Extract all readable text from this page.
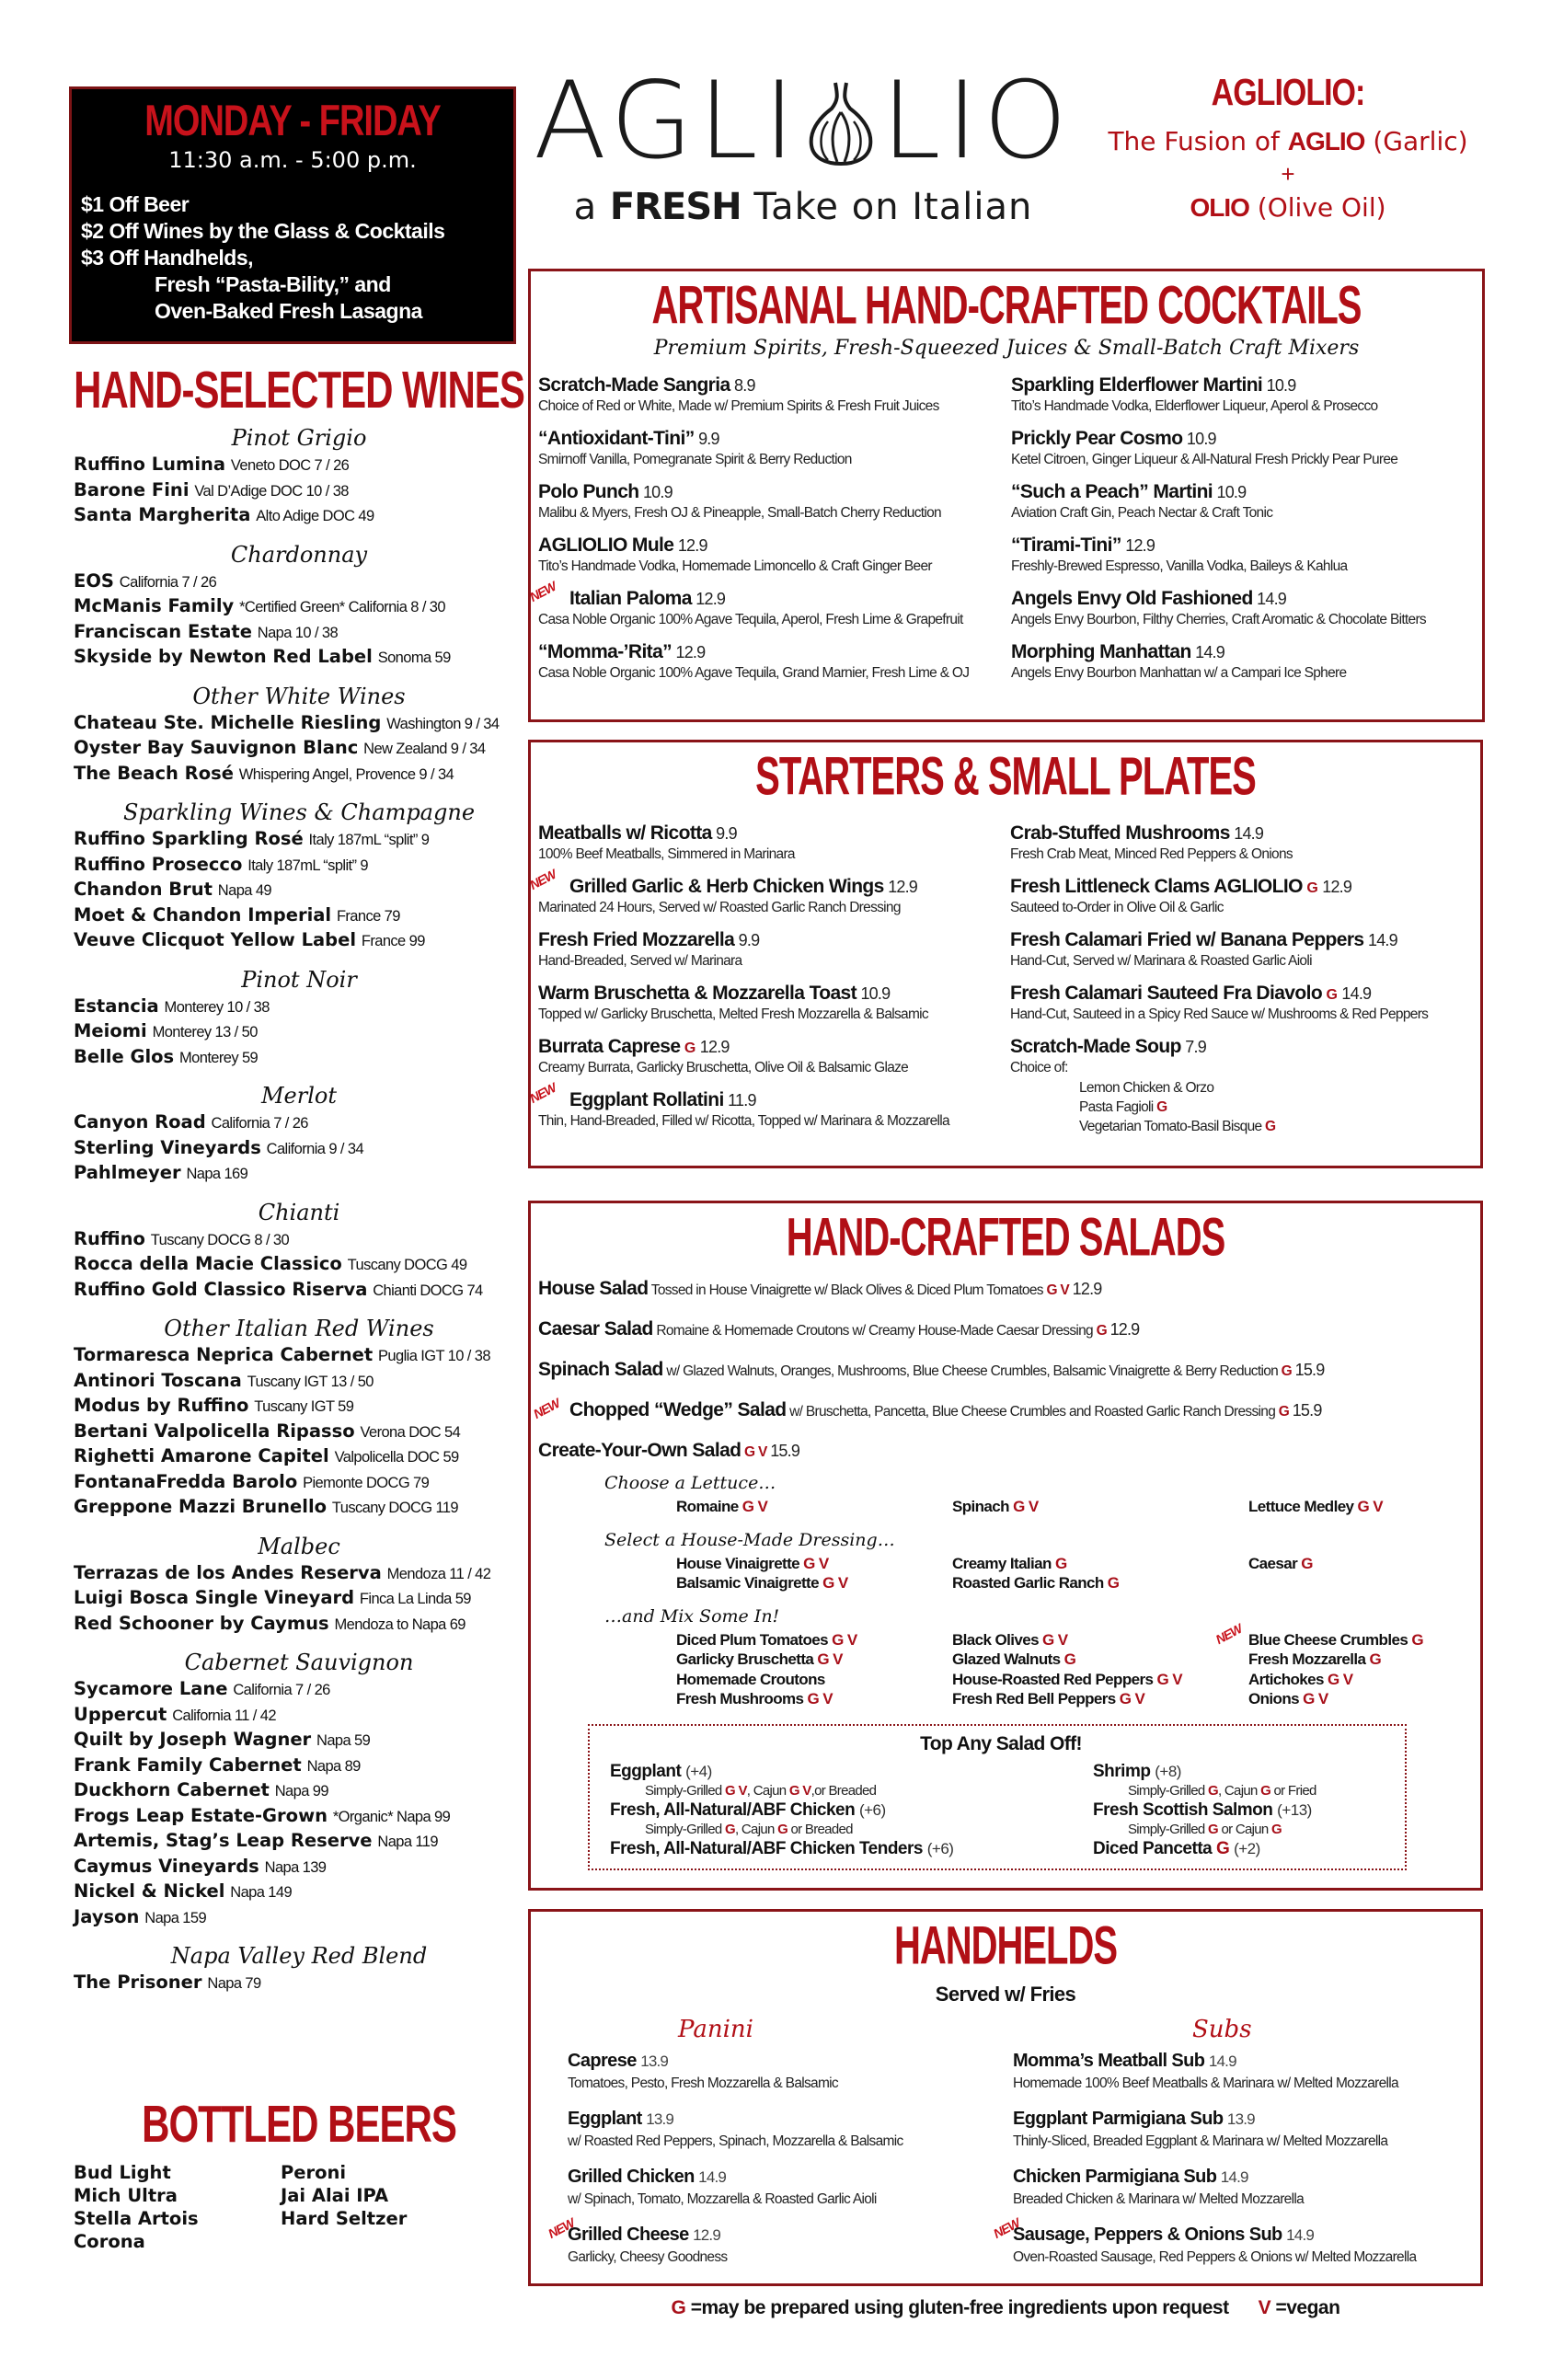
MONDAY - FRIDAY
11:30 a.m. - 5:00 p.m.
$1 Off Beer
$2 Off Wines by the Glass & Cocktails
$3 Off Handhelds,
Fresh “Pasta-Bility,” and
Oven-Baked Fresh Lasagna
AGLI LIO
a FRESH Take on Italian
AGLIOLIO:
The Fusion of AGLIO (Garlic)
+
OLIO (Olive Oil)
HAND-SELECTED WINES
Pinot Grigio
Ruffino Lumina Veneto DOC 7 / 26
Barone Fini Val D’Adige DOC 10 / 38
Santa Margherita Alto Adige DOC 49
Chardonnay
EOS California 7 / 26
McManis Family *Certified Green* California 8 / 30
Franciscan Estate Napa 10 / 38
Skyside by Newton Red Label Sonoma 59
Other White Wines
Chateau Ste. Michelle Riesling Washington 9 / 34
Oyster Bay Sauvignon Blanc New Zealand 9 / 34
The Beach Rosé Whispering Angel, Provence 9 / 34
Sparkling Wines & Champagne
Ruffino Sparkling Rosé Italy 187mL “split” 9
Ruffino Prosecco Italy 187mL “split” 9
Chandon Brut Napa 49
Moet & Chandon Imperial France 79
Veuve Clicquot Yellow Label France 99
Pinot Noir
Estancia Monterey 10 / 38
Meiomi Monterey 13 / 50
Belle Glos Monterey 59
Merlot
Canyon Road California 7 / 26
Sterling Vineyards California 9 / 34
Pahlmeyer Napa 169
Chianti
Ruffino Tuscany DOCG 8 / 30
Rocca della Macie Classico Tuscany DOCG 49
Ruffino Gold Classico Riserva Chianti DOCG 74
Other Italian Red Wines
Tormaresca Neprica Cabernet Puglia IGT 10 / 38
Antinori Toscana Tuscany IGT 13 / 50
Modus by Ruffino Tuscany IGT 59
Bertani Valpolicella Ripasso Verona DOC 54
Righetti Amarone Capitel Valpolicella DOC 59
FontanaFredda Barolo Piemonte DOCG 79
Greppone Mazzi Brunello Tuscany DOCG 119
Malbec
Terrazas de los Andes Reserva Mendoza 11 / 42
Luigi Bosca Single Vineyard Finca La Linda 59
Red Schooner by Caymus Mendoza to Napa 69
Cabernet Sauvignon
Sycamore Lane California 7 / 26
Uppercut California 11 / 42
Quilt by Joseph Wagner Napa 59
Frank Family Cabernet Napa 89
Duckhorn Cabernet Napa 99
Frogs Leap Estate-Grown *Organic* Napa 99
Artemis, Stag’s Leap Reserve Napa 119
Caymus Vineyards Napa 139
Nickel & Nickel Napa 149
Jayson Napa 159
Napa Valley Red Blend
The Prisoner Napa 79
BOTTLED BEERS
Bud Light
Mich Ultra
Stella Artois
Corona
Peroni
Jai Alai IPA
Hard Seltzer
ARTISANAL HAND-CRAFTED COCKTAILS
Premium Spirits, Fresh-Squeezed Juices & Small-Batch Craft Mixers
Scratch-Made Sangria 8.9
Choice of Red or White, Made w/ Premium Spirits & Fresh Fruit Juices
“Antioxidant-Tini” 9.9
Smirnoff Vanilla, Pomegranate Spirit & Berry Reduction
Polo Punch 10.9
Malibu & Myers, Fresh OJ & Pineapple, Small-Batch Cherry Reduction
AGLIOLIO Mule 12.9
Tito’s Handmade Vodka, Homemade Limoncello & Craft Ginger Beer
NEW Italian Paloma 12.9
Casa Noble Organic 100% Agave Tequila, Aperol, Fresh Lime & Grapefruit
“Momma-’Rita” 12.9
Casa Noble Organic 100% Agave Tequila, Grand Marnier, Fresh Lime & OJ
Sparkling Elderflower Martini 10.9
Tito’s Handmade Vodka, Elderflower Liqueur, Aperol & Prosecco
Prickly Pear Cosmo 10.9
Ketel Citroen, Ginger Liqueur & All-Natural Fresh Prickly Pear Puree
“Such a Peach” Martini 10.9
Aviation Craft Gin, Peach Nectar & Craft Tonic
“Tirami-Tini” 12.9
Freshly-Brewed Espresso, Vanilla Vodka, Baileys & Kahlua
Angels Envy Old Fashioned 14.9
Angels Envy Bourbon, Filthy Cherries, Craft Aromatic & Chocolate Bitters
Morphing Manhattan 14.9
Angels Envy Bourbon Manhattan w/ a Campari Ice Sphere
STARTERS & SMALL PLATES
Meatballs w/ Ricotta 9.9
100% Beef Meatballs, Simmered in Marinara
NEW Grilled Garlic & Herb Chicken Wings 12.9
Marinated 24 Hours, Served w/ Roasted Garlic Ranch Dressing
Fresh Fried Mozzarella 9.9
Hand-Breaded, Served w/ Marinara
Warm Bruschetta & Mozzarella Toast 10.9
Topped w/ Garlicky Bruschetta, Melted Fresh Mozzarella & Balsamic
Burrata Caprese G 12.9
Creamy Burrata, Garlicky Bruschetta, Olive Oil & Balsamic Glaze
NEW Eggplant Rollatini 11.9
Thin, Hand-Breaded, Filled w/ Ricotta, Topped w/ Marinara & Mozzarella
Crab-Stuffed Mushrooms 14.9
Fresh Crab Meat, Minced Red Peppers & Onions
Fresh Littleneck Clams AGLIOLIO G 12.9
Sauteed to-Order in Olive Oil & Garlic
Fresh Calamari Fried w/ Banana Peppers 14.9
Hand-Cut, Served w/ Marinara & Roasted Garlic Aioli
Fresh Calamari Sauteed Fra Diavolo G 14.9
Hand-Cut, Sauteed in a Spicy Red Sauce w/ Mushrooms & Red Peppers
Scratch-Made Soup 7.9
Choice of:
Lemon Chicken & Orzo
Pasta Fagioli G
Vegetarian Tomato-Basil Bisque G
HAND-CRAFTED SALADS
House Salad Tossed in House Vinaigrette w/ Black Olives & Diced Plum Tomatoes G V 12.9
Caesar Salad Romaine & Homemade Croutons w/ Creamy House-Made Caesar Dressing G 12.9
Spinach Salad w/ Glazed Walnuts, Oranges, Mushrooms, Blue Cheese Crumbles, Balsamic Vinaigrette & Berry Reduction G 15.9
NEW Chopped “Wedge” Salad w/ Bruschetta, Pancetta, Blue Cheese Crumbles and Roasted Garlic Ranch Dressing G 15.9
Create-Your-Own Salad G V 15.9
Choose a Lettuce…
Romaine G V	Spinach G V	Lettuce Medley G V
Select a House-Made Dressing…
House Vinaigrette G V	Creamy Italian G	Caesar G
Balsamic Vinaigrette G V	Roasted Garlic Ranch G
…and Mix Some In!
Diced Plum Tomatoes G V	Black Olives G V	NEW Blue Cheese Crumbles G
Garlicky Bruschetta G V	Glazed Walnuts G	Fresh Mozzarella G
Homemade Croutons	House-Roasted Red Peppers G V	Artichokes G V
Fresh Mushrooms G V	Fresh Red Bell Peppers G V	Onions G V
Top Any Salad Off!
Eggplant (+4)
Simply-Grilled G V, Cajun G V,or Breaded
Fresh, All-Natural/ABF Chicken (+6)
Simply-Grilled G, Cajun G or Breaded
Fresh, All-Natural/ABF Chicken Tenders (+6)
Shrimp (+8)
Simply-Grilled G, Cajun G or Fried
Fresh Scottish Salmon (+13)
Simply-Grilled G or Cajun G
Diced Pancetta G (+2)
HANDHELDS
Served w/ Fries
Panini
Caprese 13.9
Tomatoes, Pesto, Fresh Mozzarella & Balsamic
Eggplant 13.9
w/ Roasted Red Peppers, Spinach, Mozzarella & Balsamic
Grilled Chicken 14.9
w/ Spinach, Tomato, Mozzarella & Roasted Garlic Aioli
NEW
Grilled Cheese 12.9
Garlicky, Cheesy Goodness
Subs
Momma’s Meatball Sub 14.9
Homemade 100% Beef Meatballs & Marinara w/ Melted Mozzarella
Eggplant Parmigiana Sub 13.9
Thinly-Sliced, Breaded Eggplant & Marinara w/ Melted Mozzarella
Chicken Parmigiana Sub 14.9
Breaded Chicken & Marinara w/ Melted Mozzarella
NEW
Sausage, Peppers & Onions Sub 14.9
Oven-Roasted Sausage, Red Peppers & Onions w/ Melted Mozzarella
G =may be prepared using gluten-free ingredients upon request V =vegan
